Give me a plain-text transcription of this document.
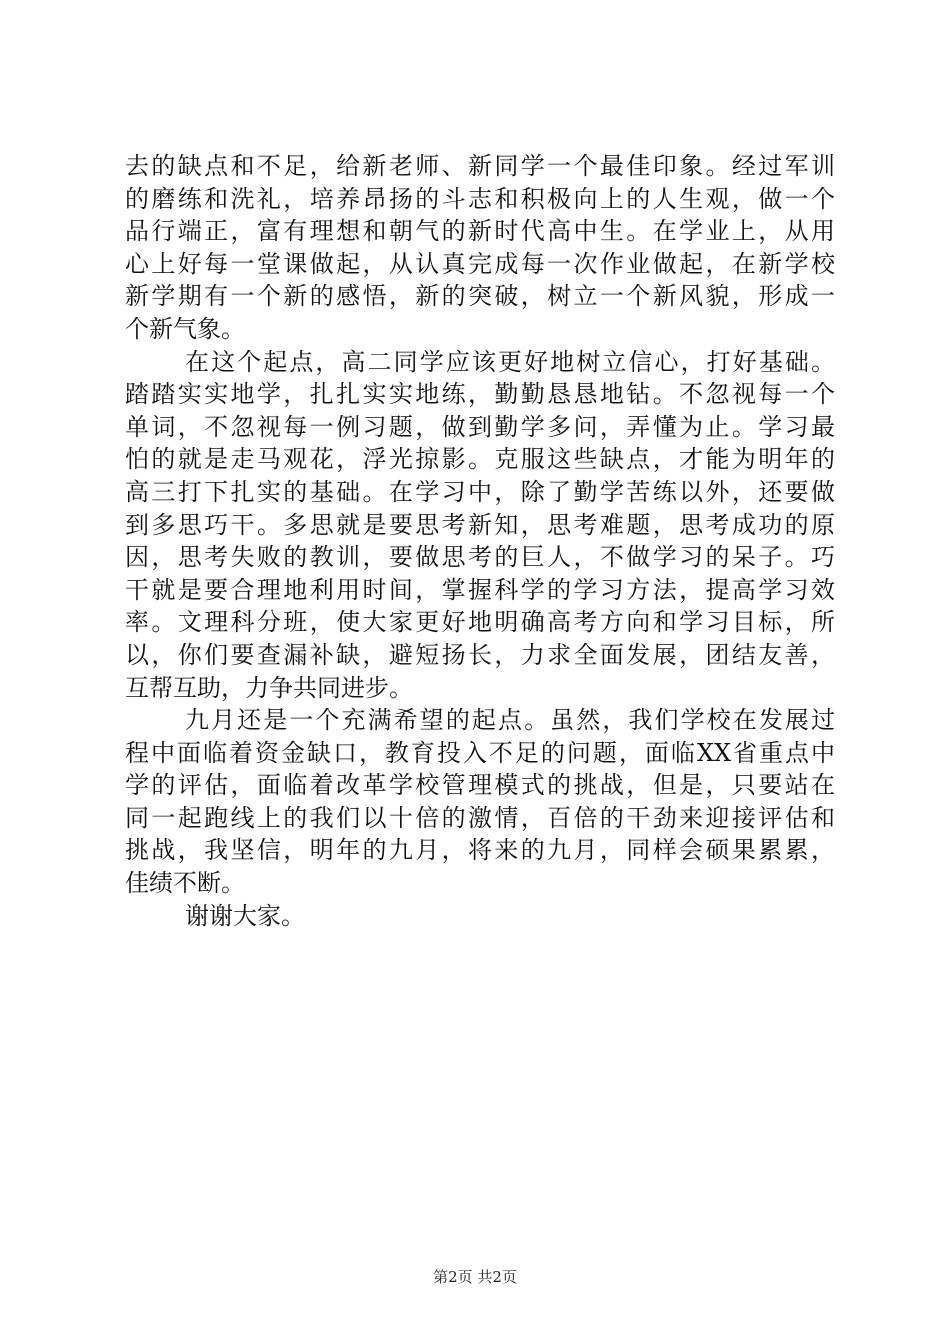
去的缺点和不足，给新老师、新同学一个最佳印象。经过军训
的磨练和洗礼，培养昂扬的斗志和积极向上的人生观，做一个
品行端正，富有理想和朝气的新时代高中生。在学业上，从用
心上好每一堂课做起，从认真完成每一次作业做起，在新学校
新学期有一个新的感悟，新的突破，树立一个新风貌，形成一
个新气象。
在这个起点，高二同学应该更好地树立信心，打好基础。
踏踏实实地学，扎扎实实地练，勤勤恳恳地钻。不忽视每一个
单词，不忽视每一例习题，做到勤学多问，弄懂为止。学习最
怕的就是走马观花，浮光掠影。克服这些缺点，才能为明年的
高三打下扎实的基础。在学习中，除了勤学苦练以外，还要做
到多思巧干。多思就是要思考新知，思考难题，思考成功的原
因，思考失败的教训，要做思考的巨人，不做学习的呆子。巧
干就是要合理地利用时间，掌握科学的学习方法，提高学习效
率。文理科分班，使大家更好地明确高考方向和学习目标，所
以，你们要查漏补缺，避短扬长，力求全面发展，团结友善，
互帮互助，力争共同进步。
九月还是一个充满希望的起点。虽然，我们学校在发展过
程中面临着资金缺口，教育投入不足的问题，面临XX省重点中
学的评估，面临着改革学校管理模式的挑战，但是，只要站在
同一起跑线上的我们以十倍的激情，百倍的干劲来迎接评估和
挑战，我坚信，明年的九月，将来的九月，同样会硕果累累，
佳绩不断。
谢谢大家。
第2页 共2页
